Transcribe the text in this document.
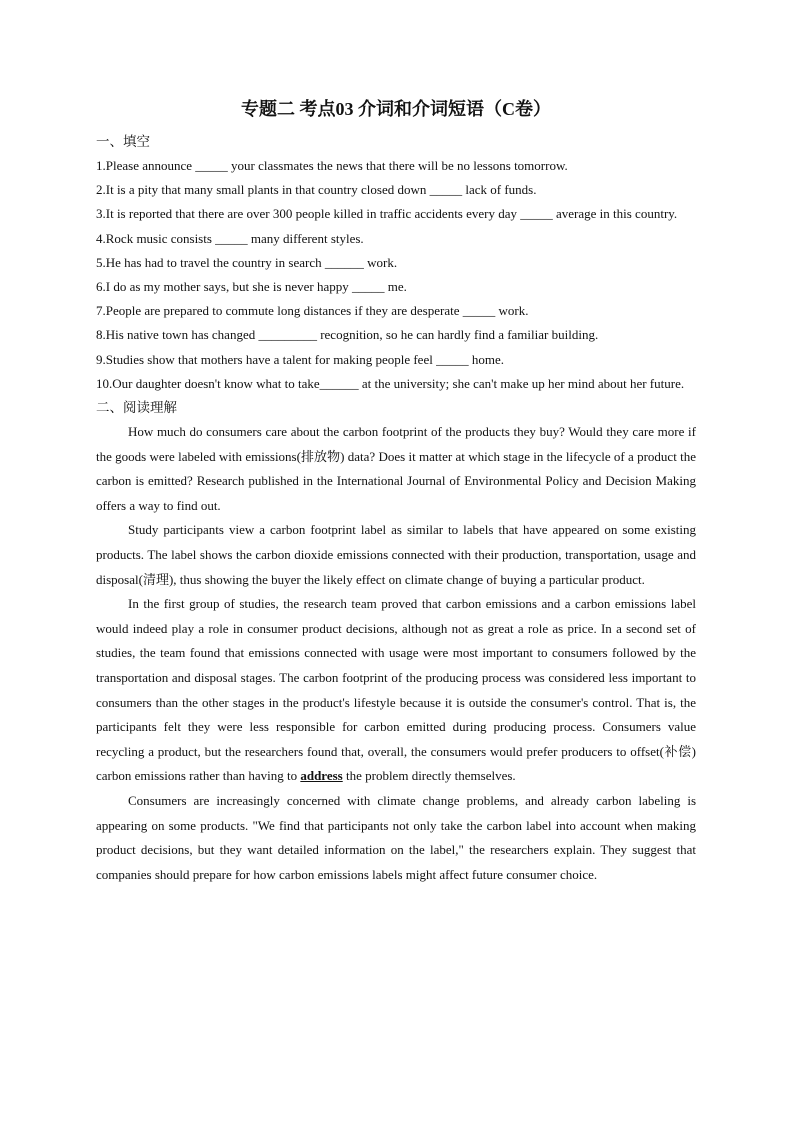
专题二 考点03 介词和介词短语（C卷）
一、填空

1.Please announce _____ your classmates the news that there will be no lessons tomorrow.

2.It is a pity that many small plants in that country closed down _____ lack of funds.

3.It is reported that there are over 300 people killed in traffic accidents every day _____ average in this country.

4.Rock music consists _____ many different styles.

5.He has had to travel the country in search ______ work.

6.I do as my mother says, but she is never happy _____ me.

7.People are prepared to commute long distances if they are desperate _____ work.

8.His native town has changed _________ recognition, so he can hardly find a familiar building.

9.Studies show that mothers have a talent for making people feel _____ home.

10.Our daughter doesn't know what to take______ at the university; she can't make up her mind about her future.

二、阅读理解

How much do consumers care about the carbon footprint of the products they buy? Would they care more if the goods were labeled with emissions(排放物) data? Does it matter at which stage in the lifecycle of a product the carbon is emitted? Research published in the International Journal of Environmental Policy and Decision Making offers a way to find out.

Study participants view a carbon footprint label as similar to labels that have appeared on some existing products. The label shows the carbon dioxide emissions connected with their production, transportation, usage and disposal(清理), thus showing the buyer the likely effect on climate change of buying a particular product.

In the first group of studies, the research team proved that carbon emissions and a carbon emissions label would indeed play a role in consumer product decisions, although not as great a role as price. In a second set of studies, the team found that emissions connected with usage were most important to consumers followed by the transportation and disposal stages. The carbon footprint of the producing process was considered less important to consumers than the other stages in the product's lifestyle because it is outside the consumer's control. That is, the participants felt they were less responsible for carbon emitted during producing process. Consumers value recycling a product, but the researchers found that, overall, the consumers would prefer producers to offset(补偿) carbon emissions rather than having to address the problem directly themselves.

Consumers are increasingly concerned with climate change problems, and already carbon labeling is appearing on some products. "We find that participants not only take the carbon label into account when making product decisions, but they want detailed information on the label," the researchers explain. They suggest that companies should prepare for how carbon emissions labels might affect future consumer choice.
